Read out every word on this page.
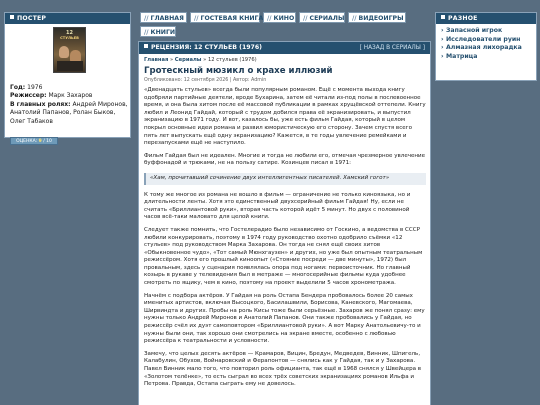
ПОСТЕР
12
СТУЛЬЕВ
Год: 1976
Режиссер: Марк Захаров
В главных ролях: Андрей Миронов, Анатолий Папанов, Ролан Быков, Олег Табаков
ОЦЕНКА: 9 / 10
// ГЛАВНАЯ	// ГОСТЕВАЯ КНИГА // КИНО	// СЕРИАЛЫ	// ВИДЕОИГРЫ
// КНИГИ
РЕЦЕНЗИЯ: 12 СТУЛЬЕВ (1976)	[ НАЗАД В СЕРИАЛЫ ]
Главная » Сериалы » 12 стульев (1976)
Гротескный мюзикл о крахе иллюзий
Опубликовано: 12 сентября 2026 | Автор: Admin

«Двенадцать стульев» всегда были популярным романом. Ещё с момента выхода книгу одобряли партийные деятели, вроде Бухарина, затем её читали из-под полы в послевоенное время, и она была хитом после её массовой публикации в рамках хрущёвской оттепели. Книгу любил и Леонид Гайдай, который с трудом добился права её экранизировать, и выпустил экранизацию в 1971 году. И вот, казалось бы, уже есть фильм Гайдая, который в целом покрыл основные идеи романа и развил юмористическую его сторону. Зачем спустя всего пять лет выпускать ещё одну экранизацию? Кажется, в те годы увлечение ремейками и перезапусками ещё не наступило.

Фильм Гайдая был не идеален. Многие и тогда не любили его, отмечая чрезмерное увлечение буффонадой и трюками, не на пользу сатире. Козинцев писал в 1971:

«Хам, прочитавший сочинение двух интеллигентных писателей. Хамский гогот»

К тому же многое из романа не вошло в фильм — ограничение не только киноязыка, но и длительности ленты. Хотя это единственный двухсерийный фильм Гайдая! Ну, если не считать «Бриллиантовой руки», вторая часть которой идёт 5 минут. Но двух с половиной часов всё-таки маловато для целой книги.

Следует также помнить, что Гостелерадио было независимо от Госкино, а ведомства в СССР любили конкурировать, поэтому в 1974 году руководство охотно одобрило съёмки «12 стульев» под руководством Марка Захарова. Он тогда не снял ещё своих хитов «Обыкновенное чудо», «Тот самый Мюнхгаузен» и других, но уже был опытным театральным режиссёром. Хотя его прошлый киноопыт («Стояние посреди — две минуты», 1972) был провальным, здесь у сценария появлялась опора под ногами: первоисточник. Но главный козырь в рукаве у телевидения был в метраже — многосерийные фильмы куда удобнее смотреть по ящику, чем в кино, поэтому на проект выделили 5 часов хронометража.

Начнём с подбора актёров. У Гайдая на роль Остапа Бендера пробовалось более 20 самых именитых артистов, включая Высоцкого, Басилашвили, Борисова, Каневского, Магомаева, Ширвиндта и других. Пробы на роль Кисы тоже были серьёзные. Захаров же понял сразу: ему нужны только Андрей Миронов и Анатолий Папанов. Они также пробовались у Гайдая, но режиссёр счёл их дуэт самоповтором «Бриллиантовой руки». А вот Марку Анатольевичу-то и нужны были они, так хорошо они смотрелись на экране вместе, особенно с любовью режиссёра к театральности и условности.

Замечу, что целых десять актёров — Крамаров, Вицин, Бредун, Медведев, Винник, Шпигель, Калабулин, Обухов, Войнаровский и Ферапонтов — снялись как у Гайдая, так и у Захарова. Павел Винник мало того, что повторил роль официанта, так ещё в 1968 снялся у Швейцера в «Золотом телёнке», то есть сыграл во всех трёх советских экранизациях романов Ильфа и Петрова. Правда, Остапа сыграть ему не довелось.

РАЗНОЕ
› Запасной игрок
› Исследователи руин
› Алмазная лихорадка
› Матрица
